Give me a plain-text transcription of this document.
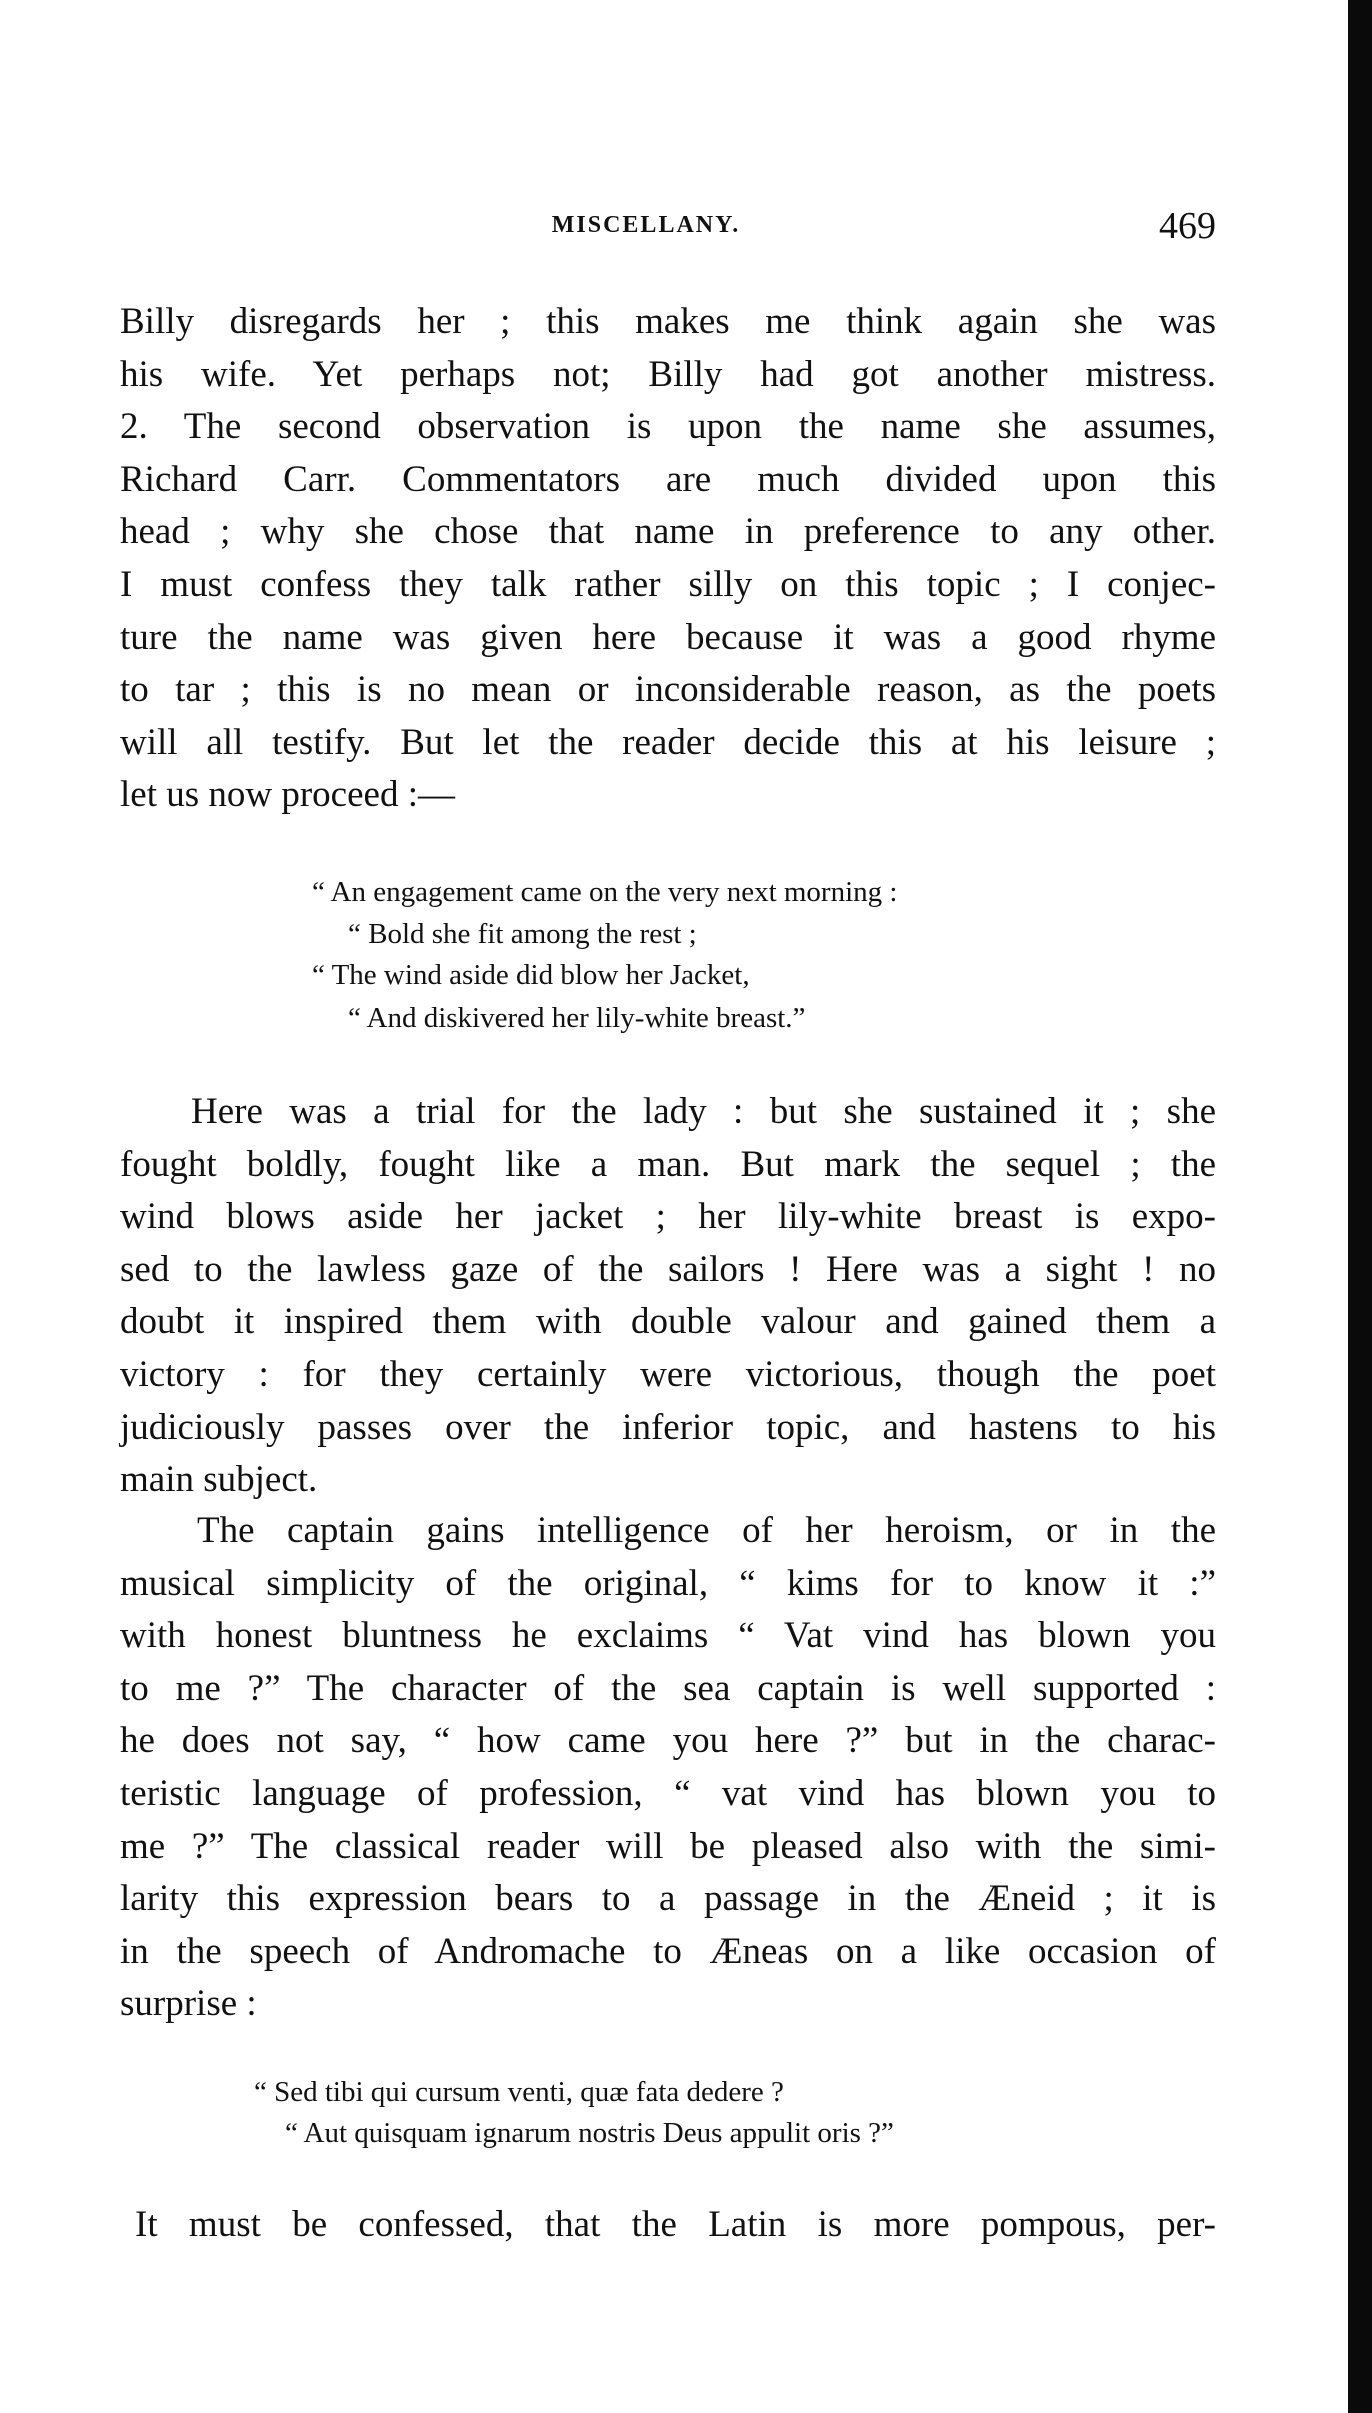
MISCELLANY.	469
Billy disregards her ; this makes me think again she was
his wife. Yet perhaps not; Billy had got another mistress.
2. The second observation is upon the name she assumes,
Richard Carr. Commentators are much divided upon this
head ; why she chose that name in preference to any other.
I must confess they talk rather silly on this topic ; I conjec-
ture the name was given here because it was a good rhyme
to tar ; this is no mean or inconsiderable reason, as the poets
will all testify. But let the reader decide this at his leisure ;
let us now proceed :—
Here was a trial for the lady : but she sustained it ; she
fought boldly, fought like a man. But mark the sequel ; the
wind blows aside her jacket ; her lily-white breast is expo-
sed to the lawless gaze of the sailors ! Here was a sight ! no
doubt it inspired them with double valour and gained them a
victory : for they certainly were victorious, though the poet
judiciously passes over the inferior topic, and hastens to his
main subject.
The captain gains intelligence of her heroism, or in the
musical simplicity of the original, “ kims for to know it :”
with honest bluntness he exclaims “ Vat vind has blown you
to me ?” The character of the sea captain is well supported :
he does not say, “ how came you here ?” but in the charac-
teristic language of profession, “ vat vind has blown you to
me ?” The classical reader will be pleased also with the simi-
larity this expression bears to a passage in the Æneid ; it is
in the speech of Andromache to Æneas on a like occasion of
surprise :
It must be confessed, that the Latin is more pompous, per-
“ An engagement came on the very next morning :
“ Bold she fit among the rest ;
“ The wind aside did blow her Jacket,
“ And diskivered her lily-white breast.”
“ Sed tibi qui cursum venti, quæ fata dedere ?
“ Aut quisquam ignarum nostris Deus appulit oris ?”
